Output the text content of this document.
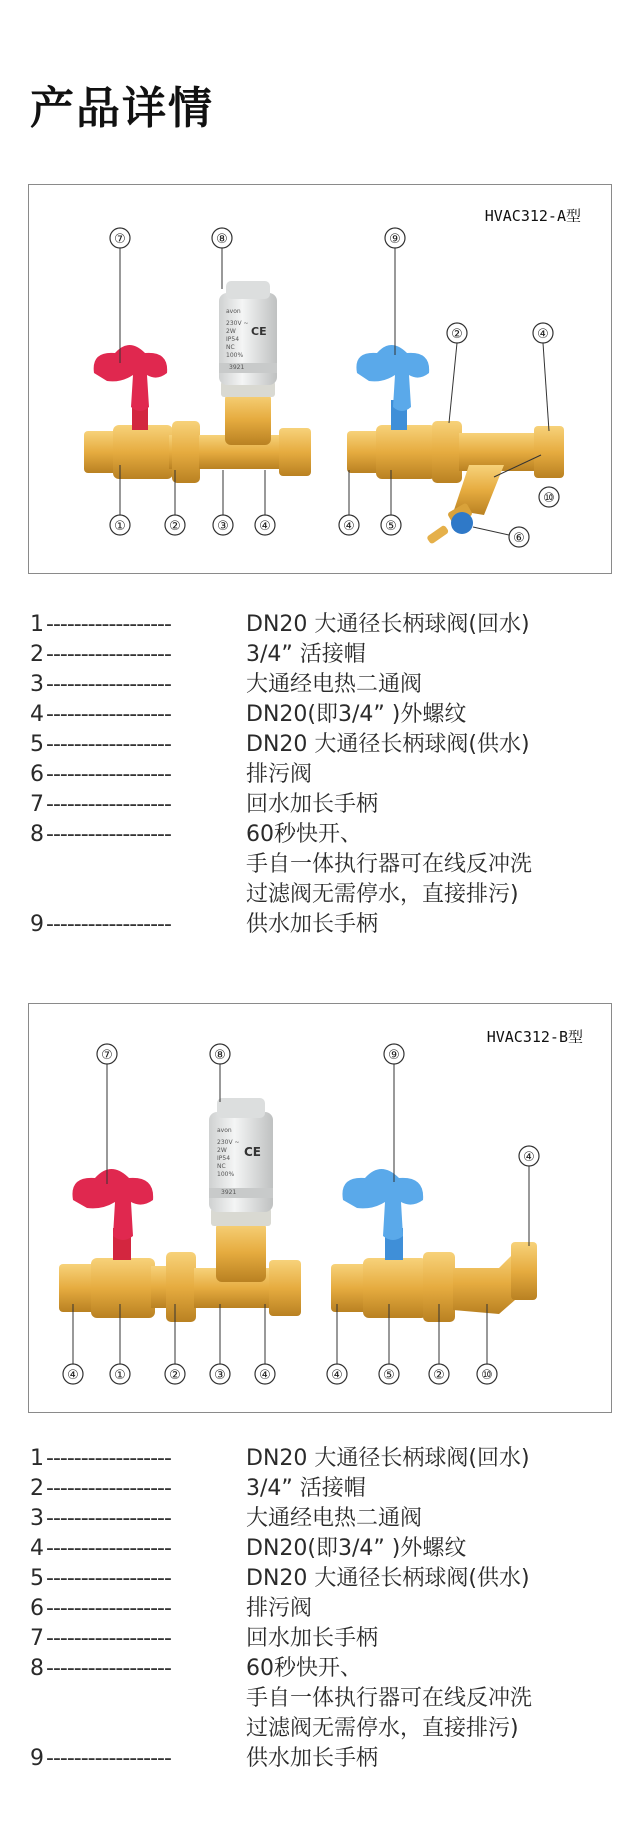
产品详情
HVAC312-A型
avon
230V ~
2W
IP54
NC
100%
CE
3921
⑦	⑧	⑨
②	④
①	②	③ ④	④ ⑤
⑩
⑥
1 ------------------	DN20 大通径长柄球阀(回水)
2 ------------------	3/4” 活接帽
3 ------------------	大通经电热二通阀
4 ------------------	DN20(即3/4” )外螺纹
5 ------------------	DN20 大通径长柄球阀(供水)
6 ------------------	排污阀
7 ------------------	回水加长手柄
8 ------------------	60秒快开、
手自一体执行器可在线反冲洗
过滤阀无需停水，直接排污)
9 ------------------	供水加长手柄
HVAC312-B型
avon
230V ~
2W
IP54
NC
100%
CE
3921
⑦	⑧	⑨
④
④	①	②	③	④	④	⑤	②	⑩
1 ------------------	DN20 大通径长柄球阀(回水)
2 ------------------	3/4” 活接帽
3 ------------------	大通经电热二通阀
4 ------------------	DN20(即3/4” )外螺纹
5 ------------------	DN20 大通径长柄球阀(供水)
6 ------------------	排污阀
7 ------------------	回水加长手柄
8 ------------------	60秒快开、
手自一体执行器可在线反冲洗
过滤阀无需停水，直接排污)
9 ------------------	供水加长手柄
